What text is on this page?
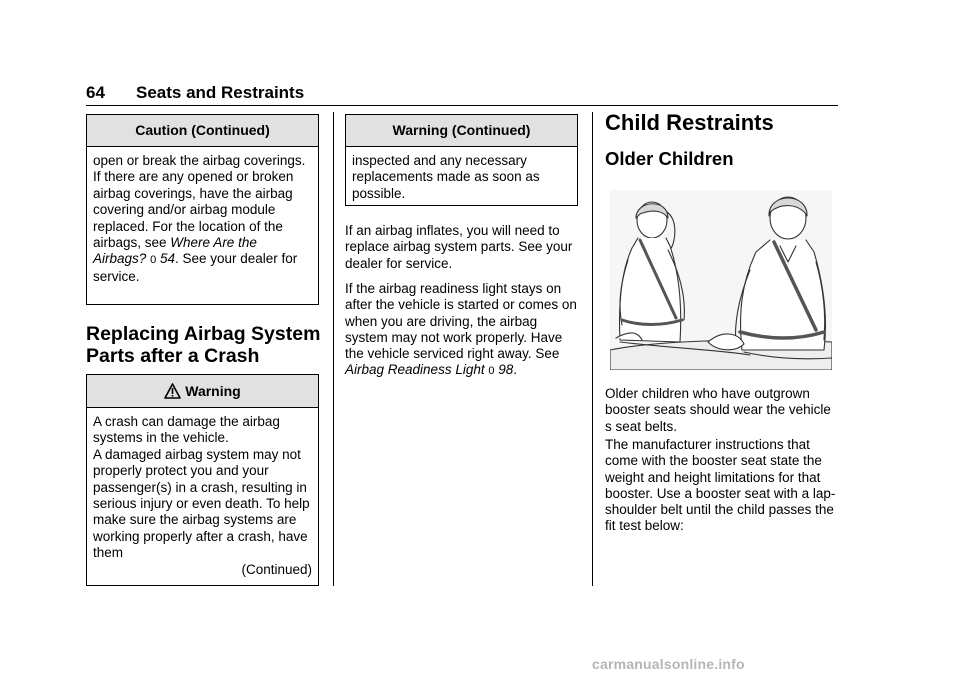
64 Seats and Restraints
Caution (Continued)

open or break the airbag coverings. If there are any opened or broken airbag coverings, have the airbag covering and/or airbag module replaced. For the location of the airbags, see Where Are the Airbags? 0 54. See your dealer for service.

Replacing Airbag System Parts after a Crash
Warning

A crash can damage the airbag systems in the vehicle.

A damaged airbag system may not properly protect you and your passenger(s) in a crash, resulting in serious injury or even death. To help make sure the airbag systems are working properly after a crash, have them

(Continued)
Warning (Continued)

inspected and any necessary replacements made as soon as possible.

If an airbag inflates, you will need to replace airbag system parts. See your dealer for service.

If the airbag readiness light stays on after the vehicle is started or comes on when you are driving, the airbag system may not work properly. Have the vehicle serviced right away. See Airbag Readiness Light 0 98.

Child Restraints
Older Children

Older children who have outgrown booster seats should wear the vehicle s seat belts.

The manufacturer instructions that come with the booster seat state the weight and height limitations for that booster. Use a booster seat with a lap-shoulder belt until the child passes the fit test below:

carmanualsonline.info
